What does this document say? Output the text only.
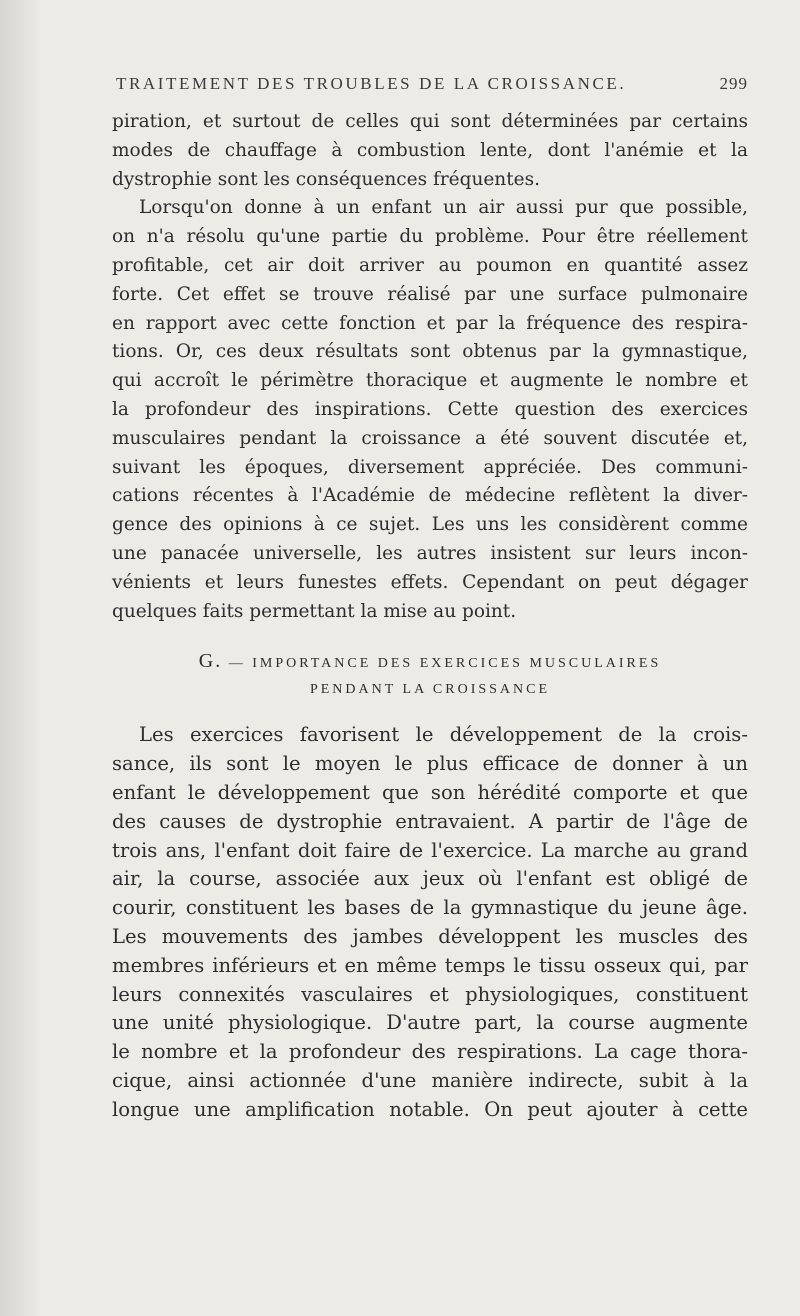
TRAITEMENT DES TROUBLES DE LA CROISSANCE.	299

piration, et surtout de celles qui sont déterminées par certains
modes de chauffage à combustion lente, dont l'anémie et la
dystrophie sont les conséquences fréquentes.

Lorsqu'on donne à un enfant un air aussi pur que possible,
on n'a résolu qu'une partie du problème. Pour être réellement
profitable, cet air doit arriver au poumon en quantité assez
forte. Cet effet se trouve réalisé par une surface pulmonaire
en rapport avec cette fonction et par la fréquence des respira-
tions. Or, ces deux résultats sont obtenus par la gymnastique,
qui accroît le périmètre thoracique et augmente le nombre et
la profondeur des inspirations. Cette question des exercices
musculaires pendant la croissance a été souvent discutée et,
suivant les époques, diversement appréciée. Des communi-
cations récentes à l'Académie de médecine reflètent la diver-
gence des opinions à ce sujet. Les uns les considèrent comme
une panacée universelle, les autres insistent sur leurs incon-
vénients et leurs funestes effets. Cependant on peut dégager
quelques faits permettant la mise au point.

G. — IMPORTANCE DES EXERCICES MUSCULAIRES
PENDANT LA CROISSANCE

Les exercices favorisent le développement de la crois-
sance, ils sont le moyen le plus efficace de donner à un
enfant le développement que son hérédité comporte et que
des causes de dystrophie entravaient. A partir de l'âge de
trois ans, l'enfant doit faire de l'exercice. La marche au grand
air, la course, associée aux jeux où l'enfant est obligé de
courir, constituent les bases de la gymnastique du jeune âge.
Les mouvements des jambes développent les muscles des
membres inférieurs et en même temps le tissu osseux qui, par
leurs connexités vasculaires et physiologiques, constituent
une unité physiologique. D'autre part, la course augmente
le nombre et la profondeur des respirations. La cage thora-
cique, ainsi actionnée d'une manière indirecte, subit à la
longue une amplification notable. On peut ajouter à cette
